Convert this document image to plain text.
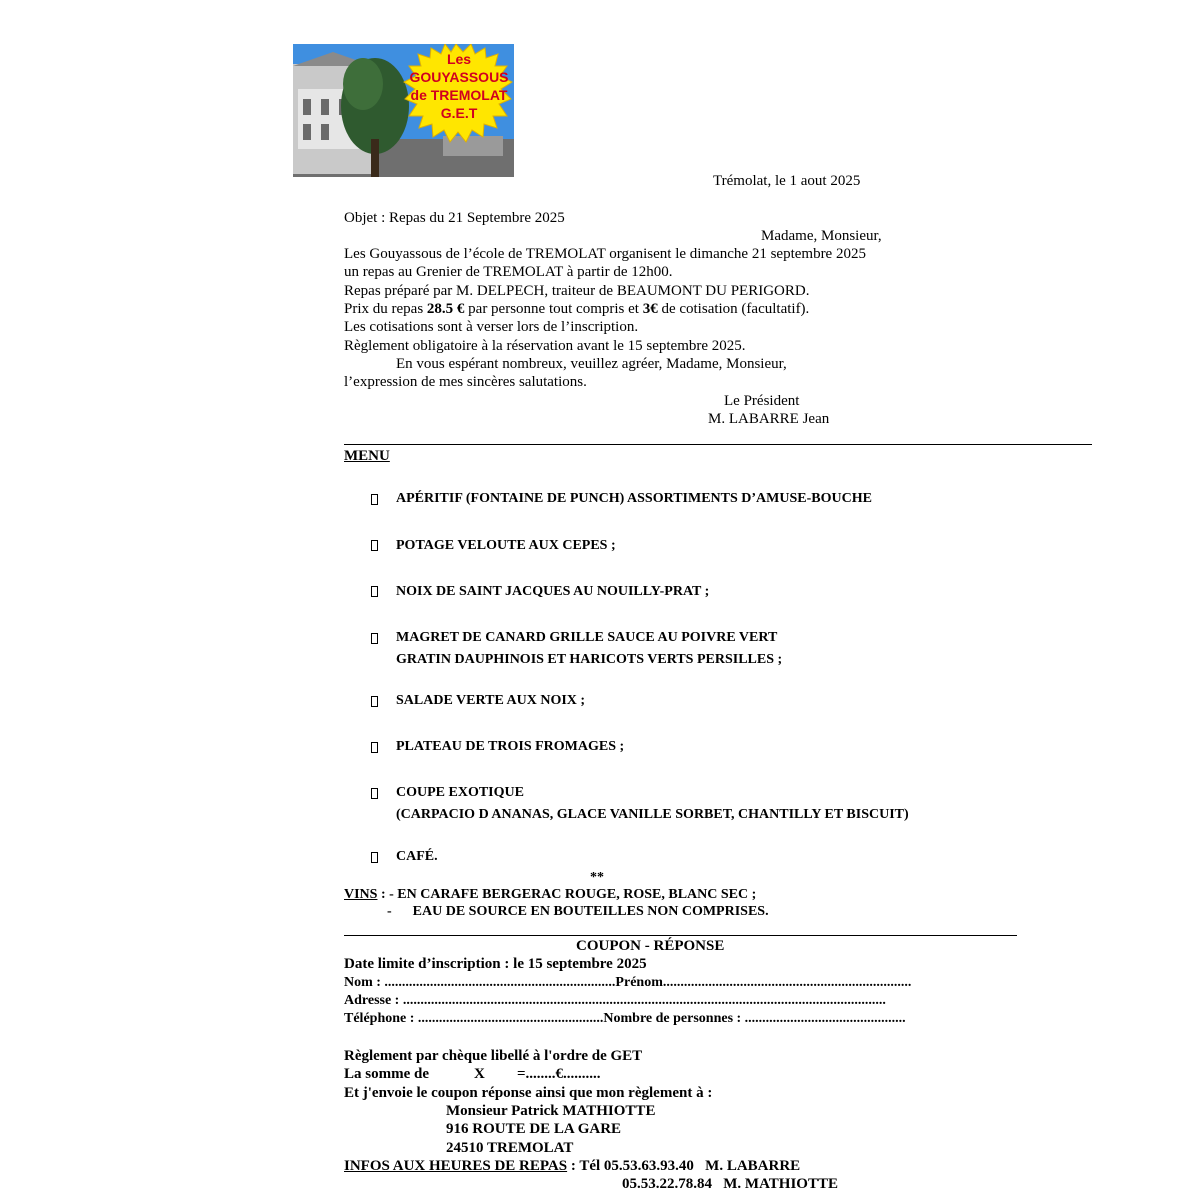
Les
GOUYASSOUS
de TREMOLAT
G.E.T
Trémolat, le 1 aout 2025
Objet : Repas du 21 Septembre 2025
Madame, Monsieur,
Les Gouyassous de l’école de TREMOLAT organisent le dimanche 21 septembre 2025
un repas au Grenier de TREMOLAT à partir de 12h00.
Repas préparé par M. DELPECH, traiteur de BEAUMONT DU PERIGORD.
Prix du repas 28.5 € par personne tout compris et 3€ de cotisation (facultatif).
Les cotisations sont à verser lors de l’inscription.
Règlement obligatoire à la réservation avant le 15 septembre 2025.
En vous espérant nombreux, veuillez agréer, Madame, Monsieur,
l’expression de mes sincères salutations.
Le Président
M. LABARRE Jean
MENU
APÉRITIF (FONTAINE DE PUNCH) ASSORTIMENTS D’AMUSE-BOUCHE
POTAGE VELOUTE AUX CEPES ;
NOIX DE SAINT JACQUES AU NOUILLY-PRAT ;
MAGRET DE CANARD GRILLE SAUCE AU POIVRE VERT
GRATIN DAUPHINOIS ET HARICOTS VERTS PERSILLES ;
SALADE VERTE AUX NOIX ;
PLATEAU DE TROIS FROMAGES ;
COUPE EXOTIQUE
(CARPACIO D ANANAS, GLACE VANILLE SORBET, CHANTILLY ET BISCUIT)
CAFÉ.
**
VINS : - EN CARAFE BERGERAC ROUGE, ROSE, BLANC SEC ;
-      EAU DE SOURCE EN BOUTEILLES NON COMPRISES.
COUPON - RÉPONSE
Date limite d’inscription : le 15 septembre 2025
Nom : ..................................................................Prénom.......................................................................
Adresse : ..........................................................................................................................................
Téléphone : .....................................................Nombre de personnes : ..............................................
Règlement par chèque libellé à l'ordre de GET
La somme de	X =........€..........
Et j'envoie le coupon réponse ainsi que mon règlement à :
Monsieur Patrick MATHIOTTE
916 ROUTE DE LA GARE
24510 TREMOLAT
INFOS AUX HEURES DE REPAS : Tél 05.53.63.93.40   M. LABARRE
05.53.22.78.84   M. MATHIOTTE
